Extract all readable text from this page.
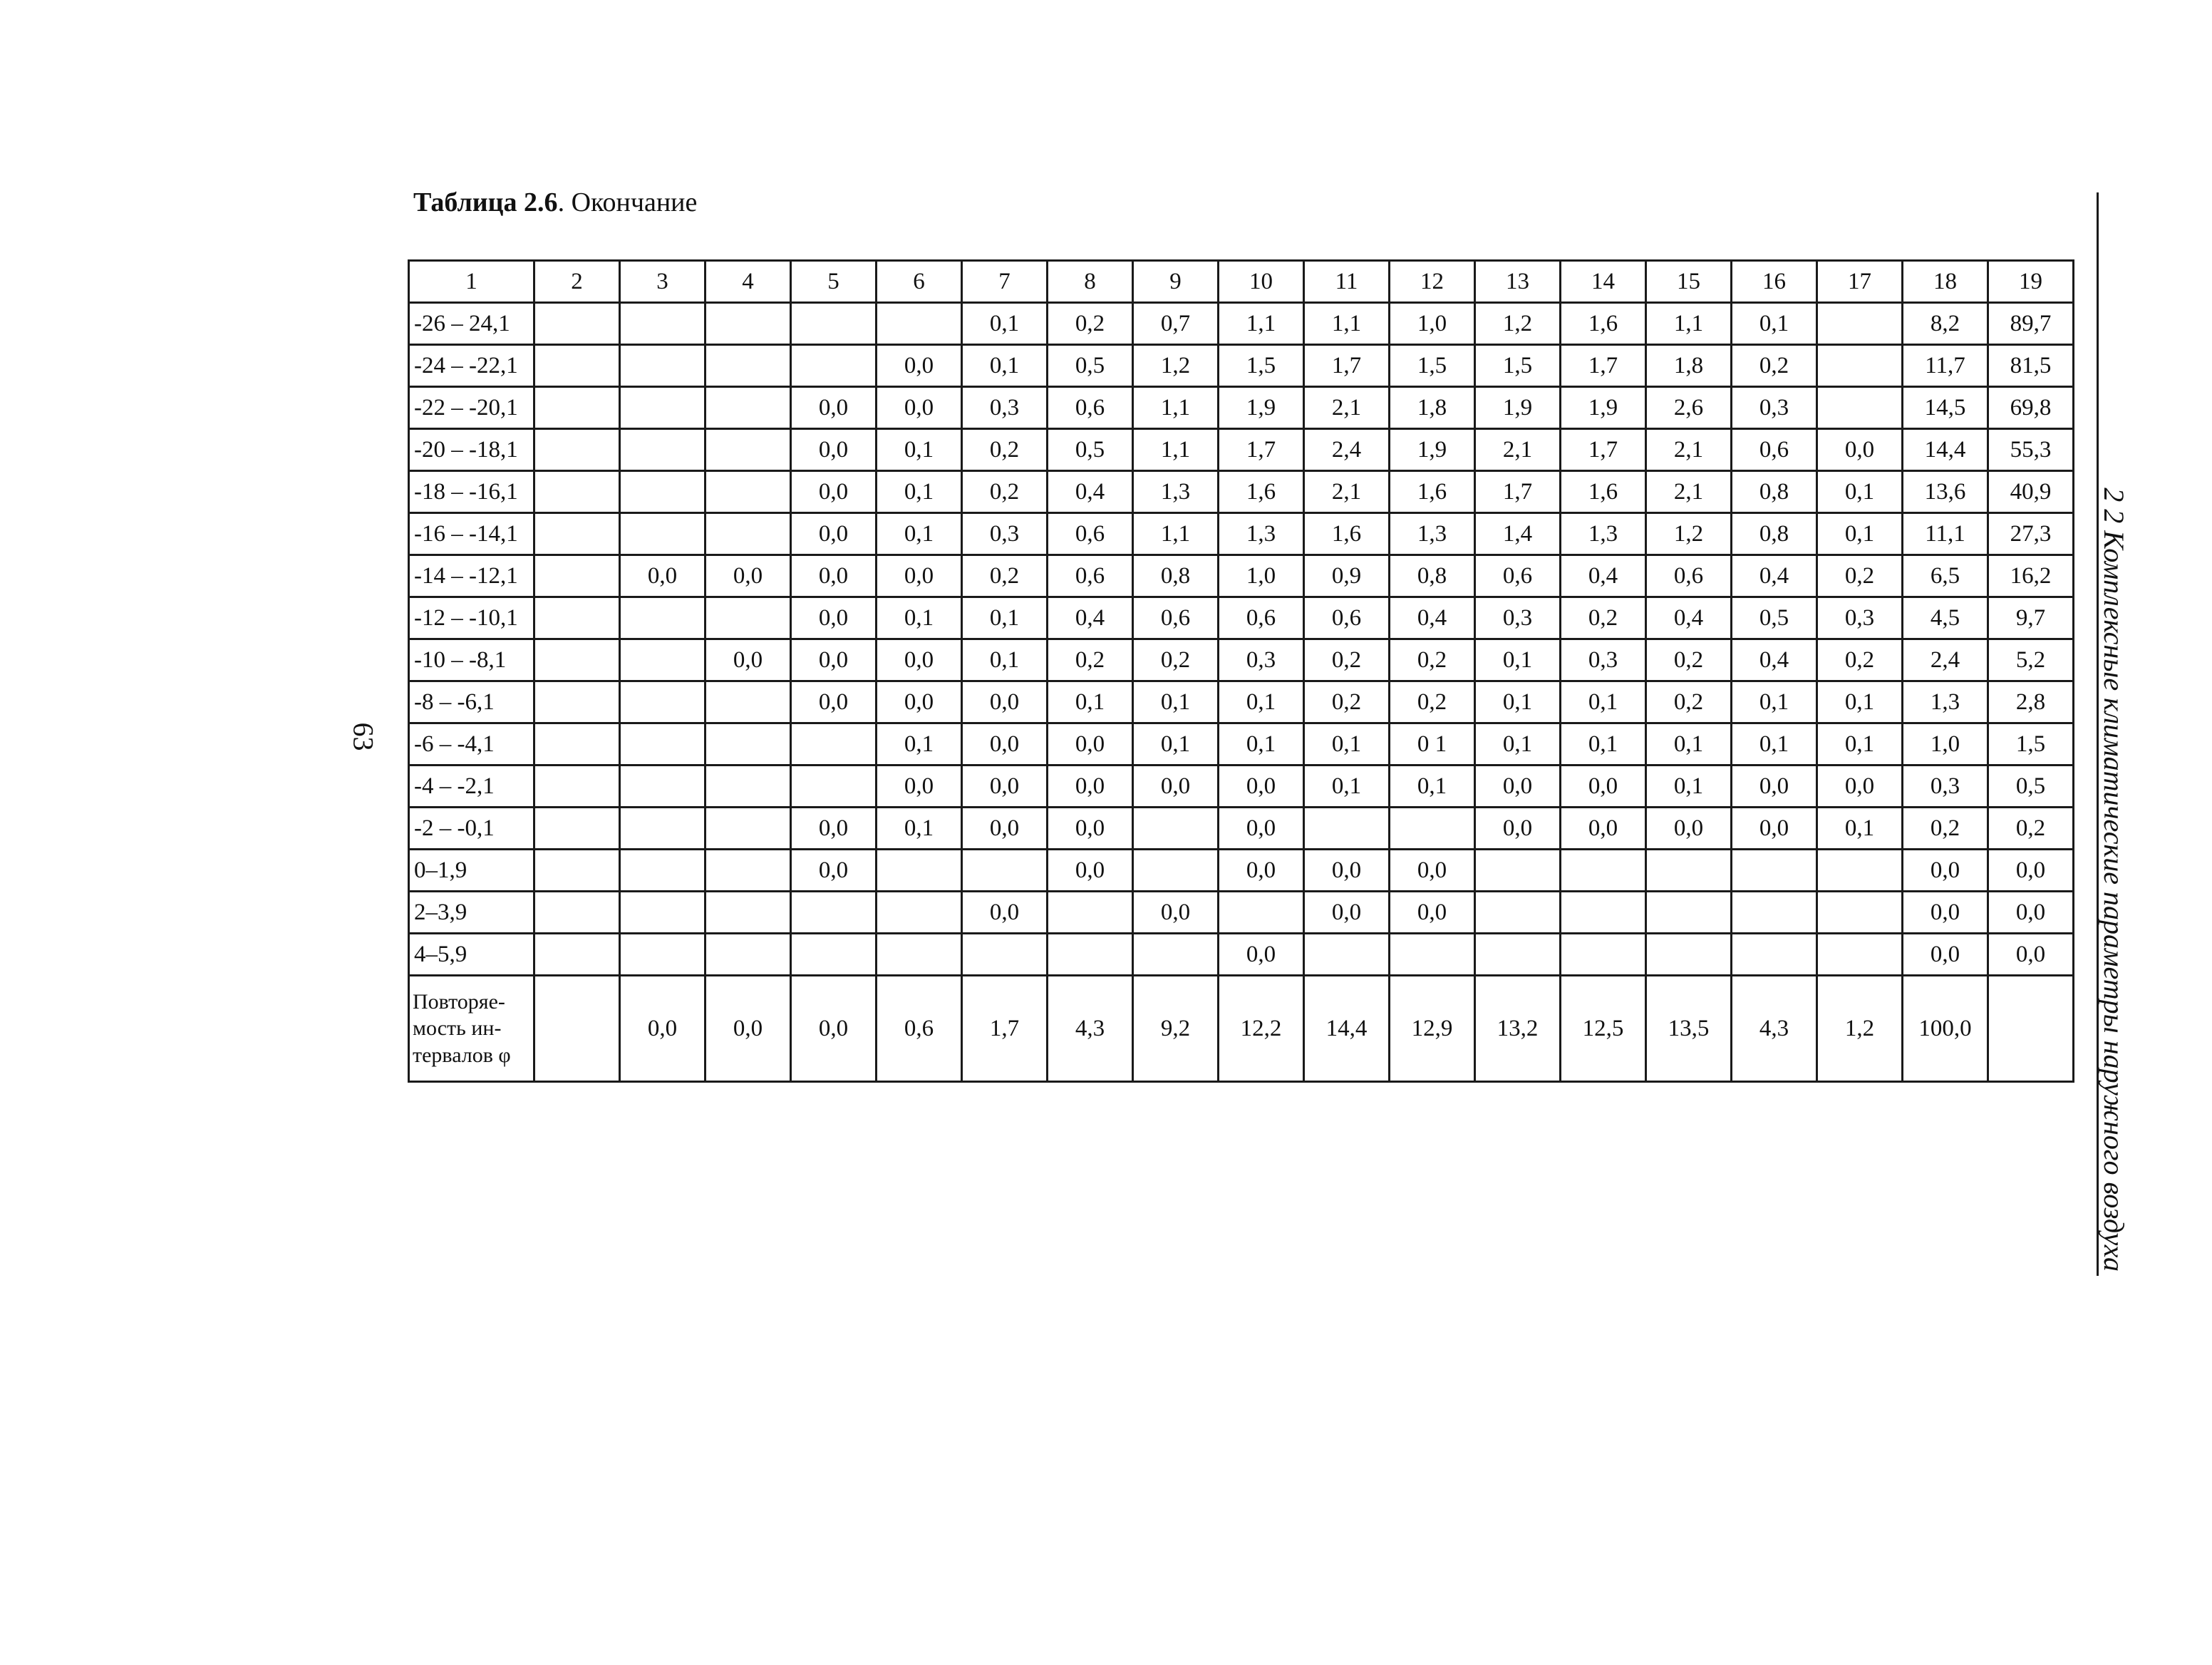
Таблица 2.6. Окончание
1	2	3	4	5	6	7	8	9	10	11	12	13	14	15	16	17	18	19
-26 – 24,1						0,1	0,2	0,7	1,1	1,1	1,0	1,2	1,6	1,1	0,1		8,2	89,7
-24 – -22,1					0,0	0,1	0,5	1,2	1,5	1,7	1,5	1,5	1,7	1,8	0,2		11,7	81,5
-22 – -20,1				0,0	0,0	0,3	0,6	1,1	1,9	2,1	1,8	1,9	1,9	2,6	0,3		14,5	69,8
-20 – -18,1				0,0	0,1	0,2	0,5	1,1	1,7	2,4	1,9	2,1	1,7	2,1	0,6	0,0	14,4	55,3
-18 – -16,1				0,0	0,1	0,2	0,4	1,3	1,6	2,1	1,6	1,7	1,6	2,1	0,8	0,1	13,6	40,9
-16 – -14,1				0,0	0,1	0,3	0,6	1,1	1,3	1,6	1,3	1,4	1,3	1,2	0,8	0,1	11,1	27,3
-14 – -12,1		0,0	0,0	0,0	0,0	0,2	0,6	0,8	1,0	0,9	0,8	0,6	0,4	0,6	0,4	0,2	6,5	16,2
-12 – -10,1				0,0	0,1	0,1	0,4	0,6	0,6	0,6	0,4	0,3	0,2	0,4	0,5	0,3	4,5	9,7
-10 – -8,1			0,0	0,0	0,0	0,1	0,2	0,2	0,3	0,2	0,2	0,1	0,3	0,2	0,4	0,2	2,4	5,2
-8 – -6,1				0,0	0,0	0,0	0,1	0,1	0,1	0,2	0,2	0,1	0,1	0,2	0,1	0,1	1,3	2,8
-6 – -4,1					0,1	0,0	0,0	0,1	0,1	0,1	0 1	0,1	0,1	0,1	0,1	0,1	1,0	1,5
-4 – -2,1					0,0	0,0	0,0	0,0	0,0	0,1	0,1	0,0	0,0	0,1	0,0	0,0	0,3	0,5
-2 – -0,1				0,0	0,1	0,0	0,0		0,0			0,0	0,0	0,0	0,0	0,1	0,2	0,2
0–1,9				0,0			0,0		0,0	0,0	0,0						0,0	0,0
2–3,9						0,0		0,0		0,0	0,0						0,0	0,0
4–5,9									0,0								0,0	0,0
Повторяе-мость ин-тервалов φ		0,0	0,0	0,0	0,6	1,7	4,3	9,2	12,2	14,4	12,9	13,2	12,5	13,5	4,3	1,2	100,0	
63	2 2 Комплексные климатические параметры наружного воздуха
